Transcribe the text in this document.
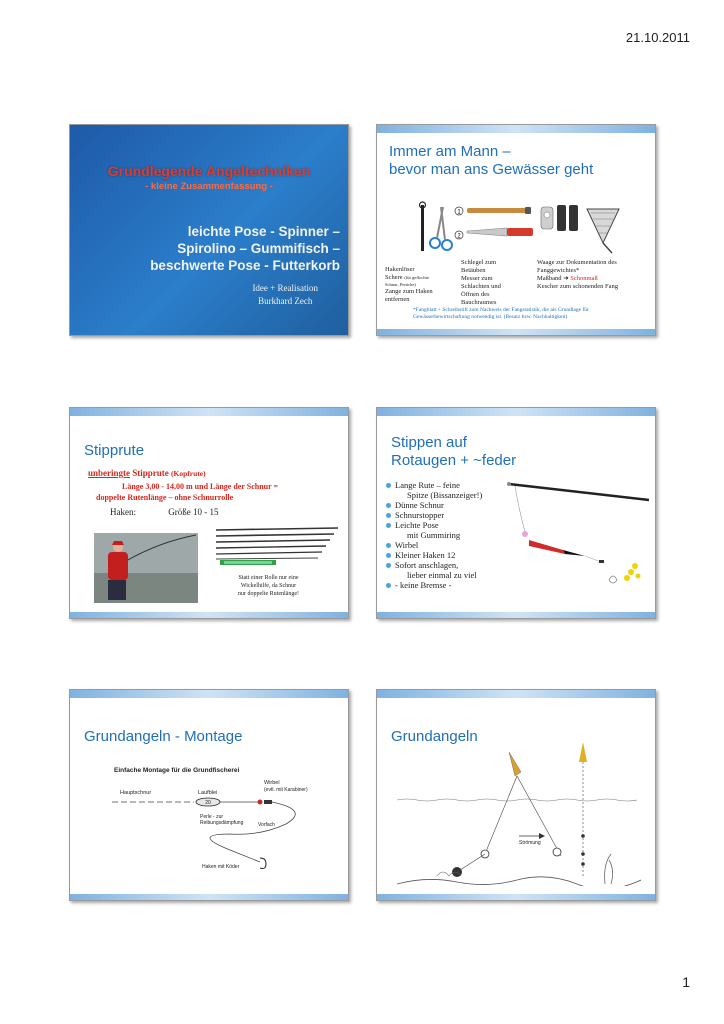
21.10.2011
Grundlegende Angeltechniken
- kleine Zusammenfassung -
leichte Pose - Spinner –
Spirolino – Gummifisch –
beschwerte Pose - Futterkorb
Idee + Realisation
Burkhard Zech
Immer am Mann –
bevor man ans Gewässer geht
1
2
Hakenlöser
Schere (für geflochte
Schnur, Perücke)
Zange zum Haken
entfernen
Schlegel zum
Betäuben
Messer zum
Schlachten und
Öffnen des
Bauchraumes
Waage zur Dokumentation des
Fanggewichtes*
Maßband ➜ Schonmaß
Kescher zum schonenden Fang
*Fangblatt + Schreibstift zum Nachweis der Fangstatistik, die als Grundlage für
Gewässerbewirtschaftung notwendig ist. (Besatz bzw. Nachhaltigkeit)
Stipprute
unberingte Stipprute (Kopfrute)
Länge 3,00 - 14,00 m und Länge der Schnur =
doppelte Rutenlänge – ohne Schnurrolle
Haken:	Größe 10 - 15
Statt einer Rolle nur eine
Wickelhilfe, da Schnur
nur doppelte Rutenlänge!
Stippen auf
Rotaugen + ~feder
Lange Rute – feine
Spitze (Bissanzeiger!)
Dünne Schnur
Schnurstopper
Leichte Pose
mit Gummiring
Wirbel
Kleiner Haken 12
Sofort anschlagen,
lieber einmal zu viel
- keine Bremse -
Grundangeln - Montage
Einfache Montage für die Grundfischerei
Hauptschnur	Laufblei
Wirbel
(evtl. mit Karabiner)
20
Perle - zur
Reibungsdämpfung	Vorfach
Haken mit Köder
Grundangeln
Strömung
1
